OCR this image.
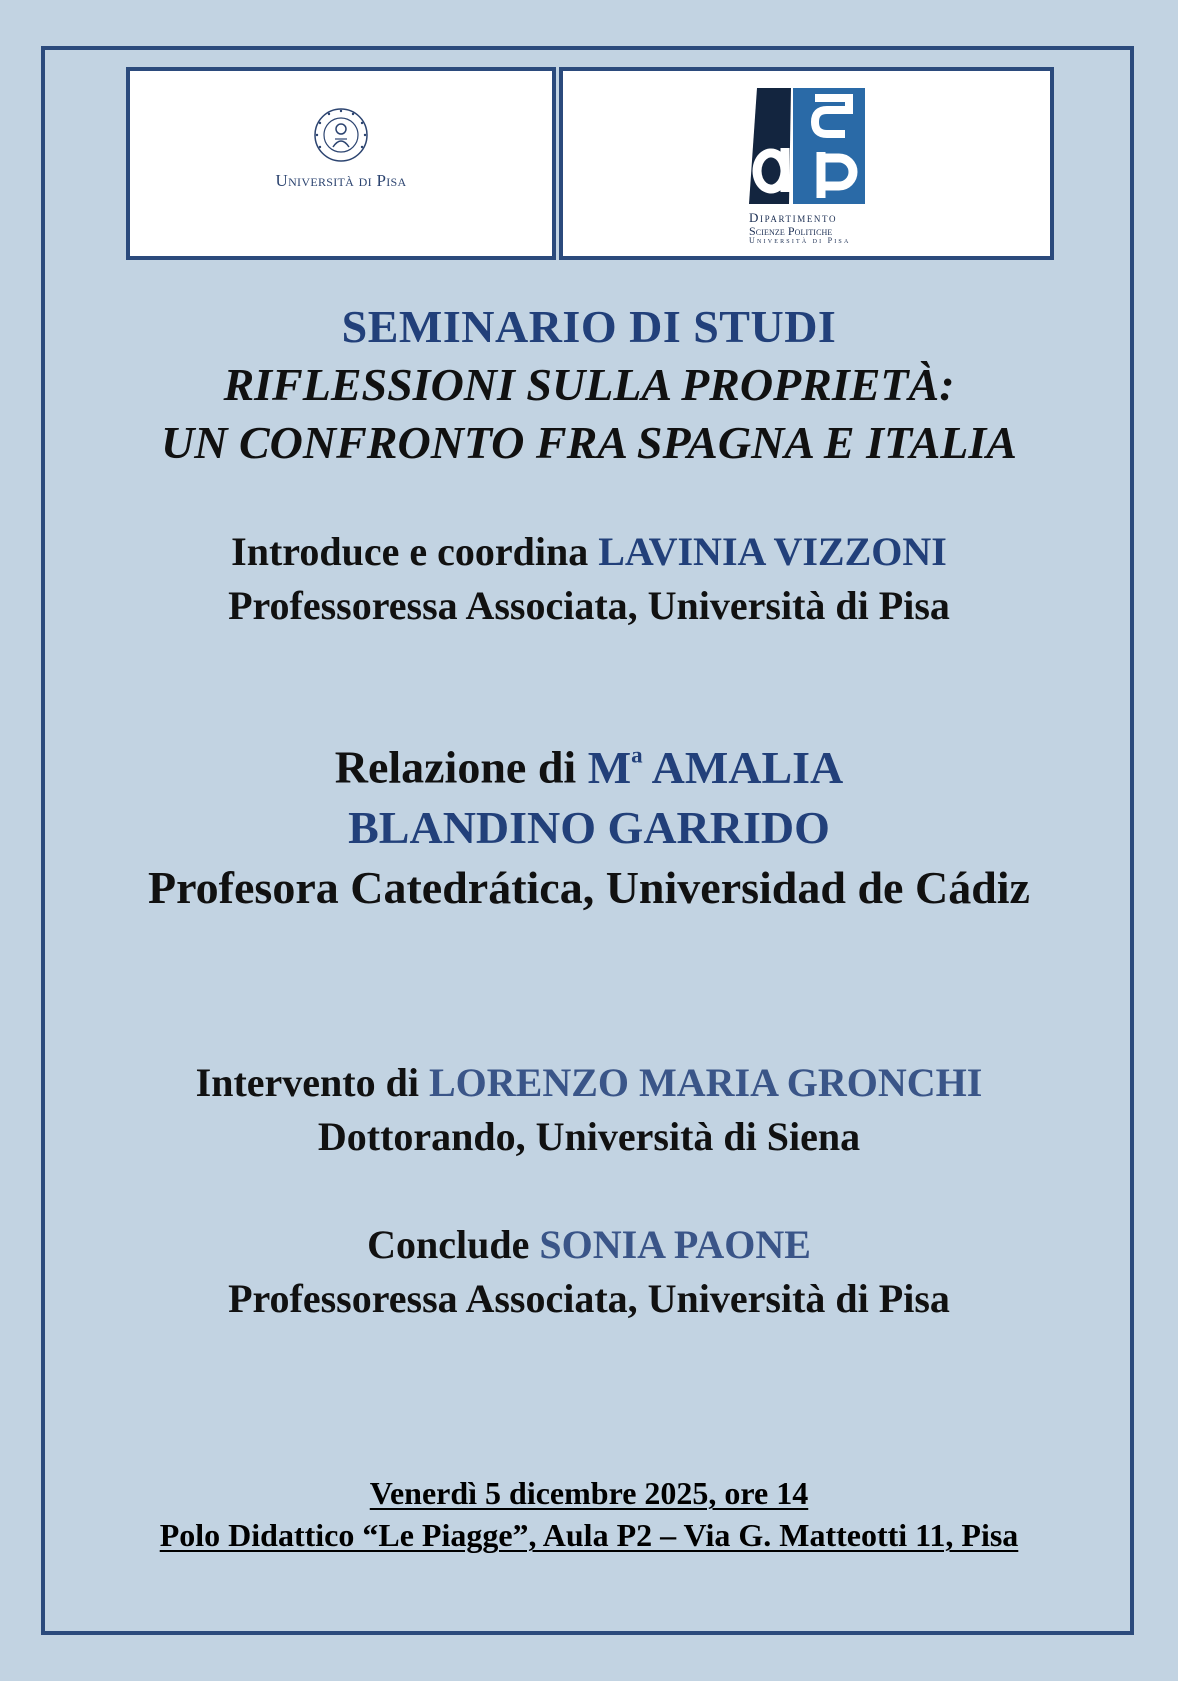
Università di Pisa
Dipartimento
Scienze Politiche
Università di Pisa
SEMINARIO DI STUDI
RIFLESSIONI SULLA PROPRIETÀ:
UN CONFRONTO FRA SPAGNA E ITALIA
Introduce e coordina LAVINIA VIZZONI
Professoressa Associata, Università di Pisa
Relazione di $M^a$ AMALIA
BLANDINO GARRIDO
Profesora Catedrática, Universidad de Cádiz
Intervento di LORENZO MARIA GRONCHI
Dottorando, Università di Siena
Conclude SONIA PAONE
Professoressa Associata, Università di Pisa
Venerdì 5 dicembre 2025, ore 14
Polo Didattico “Le Piagge”, Aula P2 – Via G. Matteotti 11, Pisa
